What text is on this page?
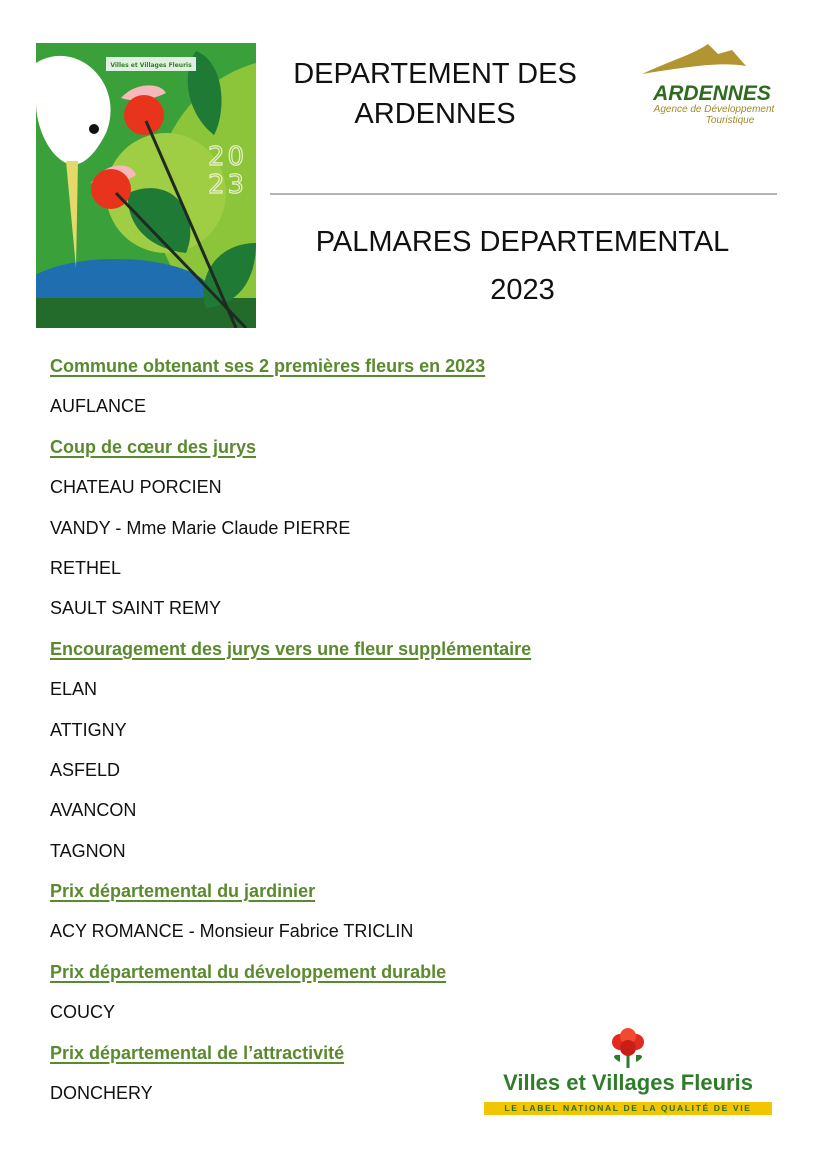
20
23
Villes et Villages Fleuris	DEPARTEMENT DES ARDENNES
ARDENNES
Agence de Développement
Touristique
PALMARES DEPARTEMENTAL
2023
Commune obtenant ses 2 premières fleurs en 2023
AUFLANCE
Coup de cœur des jurys
CHATEAU PORCIEN
VANDY - Mme Marie Claude PIERRE
RETHEL
SAULT SAINT REMY
Encouragement des jurys vers une fleur supplémentaire
ELAN
ATTIGNY
ASFELD
AVANCON
TAGNON
Prix départemental du jardinier
ACY ROMANCE - Monsieur Fabrice TRICLIN
Prix départemental du développement durable
COUCY
Prix départemental de l’attractivité
DONCHERY	Villes et Villages Fleuris
LE LABEL NATIONAL DE LA QUALITÉ DE VIE
